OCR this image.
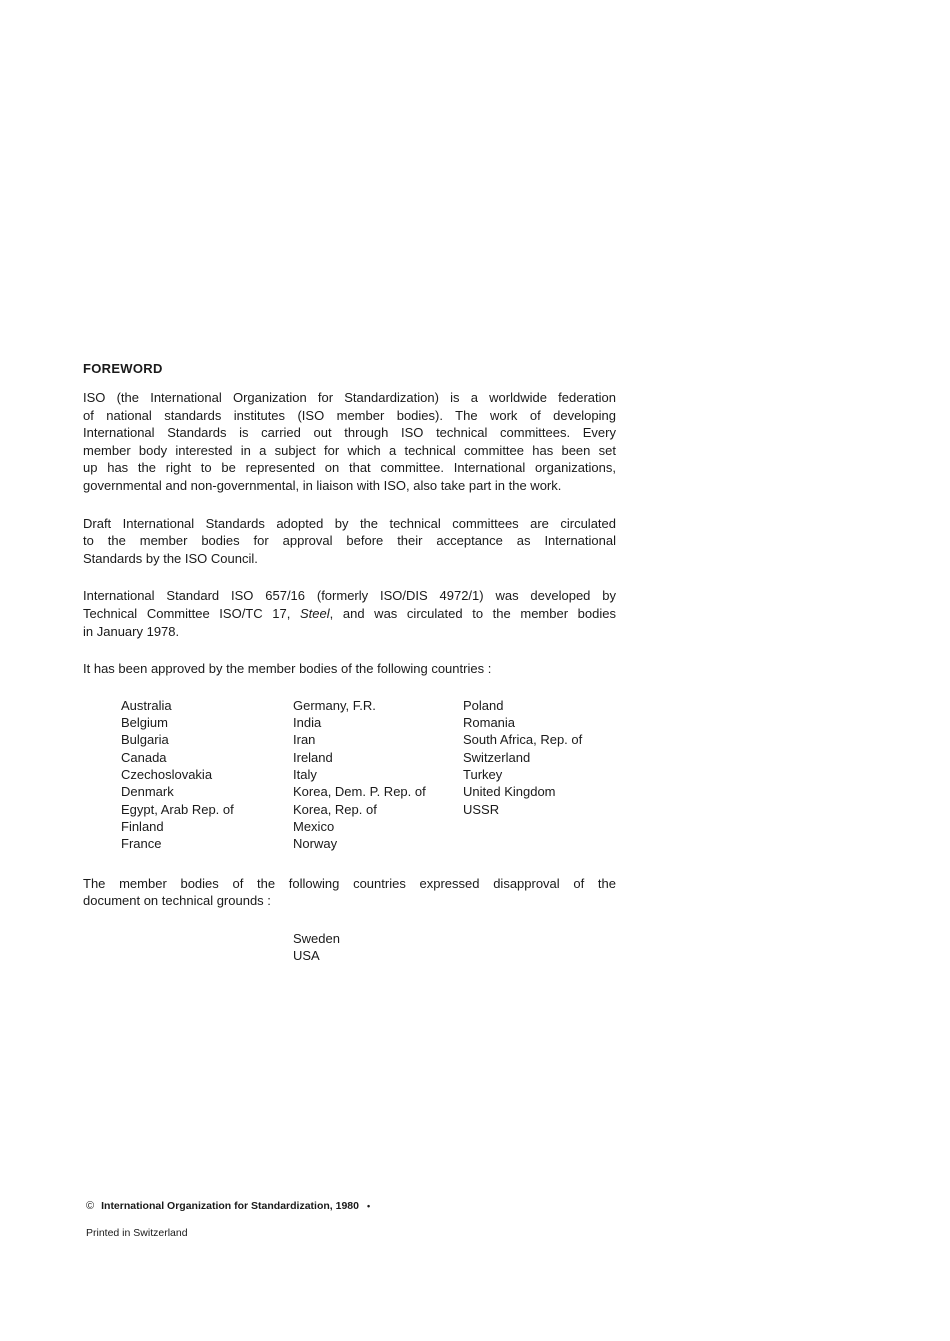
FOREWORD

ISO (the International Organization for Standardization) is a worldwide federation
of national standards institutes (ISO member bodies). The work of developing
International Standards is carried out through ISO technical committees. Every
member body interested in a subject for which a technical committee has been set
up has the right to be represented on that committee. International organizations,
governmental and non-governmental, in liaison with ISO, also take part in the work.

Draft International Standards adopted by the technical committees are circulated
to the member bodies for approval before their acceptance as International
Standards by the ISO Council.

International Standard ISO 657/16 (formerly ISO/DIS 4972/1) was developed by
Technical Committee ISO/TC 17, Steel, and was circulated to the member bodies
in January 1978.

It has been approved by the member bodies of the following countries :

Australia
Belgium
Bulgaria
Canada
Czechoslovakia
Denmark
Egypt, Arab Rep. of
Finland
France
Germany, F.R.
India
Iran
Ireland
Italy
Korea, Dem. P. Rep. of
Korea, Rep. of
Mexico
Norway
Poland
Romania
South Africa, Rep. of
Switzerland
Turkey
United Kingdom
USSR

The member bodies of the following countries expressed disapproval of the
document on technical grounds :

Sweden
USA
© International Organization for Standardization, 1980 •
Printed in Switzerland
